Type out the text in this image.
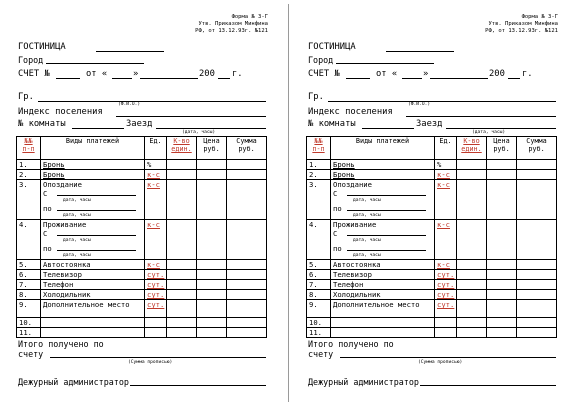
Форма № 3-Г
Утв. Приказом Минфина
РФ, от 13.12.93г. №121
ГОСТИНИЦА
Город
СЧЕТ №	от «	»	200 г.
Гр.
(Ф.И.О.)
Индекс поселения
№ комнаты	Заезд
(дата, часы)
№№ п-п	Виды платежей	Ед.	К-во един.	Цена руб.	Сумма руб.
1.	Бронь	%			
2.	Бронь	к-с			
3.	Опоздание
С
дата, часы
по
дата, часы	к-с			
4.	Проживание
С
дата, часы
по
дата, часы	к-с			
5.	Автостоянка	к-с			
6.	Телевизор	сут.			
7.	Телефон	сут.			
8.	Холодильник	сут.			
9.	Дополнительное место	сут.			
10.					
11.					
Итого получено по
счету
(Сумма прописью)
Дежурный администратор
Форма № 3-Г
Утв. Приказом Минфина
РФ, от 13.12.93г. №121
ГОСТИНИЦА
Город
СЧЕТ №	от «	»	200 г.
Гр.
(Ф.И.О.)
Индекс поселения
№ комнаты	Заезд
(дата, часы)
№№ п-п	Виды платежей	Ед.	К-во един.	Цена руб.	Сумма руб.
1.	Бронь	%			
2.	Бронь	к-с			
3.	Опоздание
С
дата, часы
по
дата, часы	к-с			
4.	Проживание
С
дата, часы
по
дата, часы	к-с			
5.	Автостоянка	к-с			
6.	Телевизор	сут.			
7.	Телефон	сут.			
8.	Холодильник	сут.			
9.	Дополнительное место	сут.			
10.					
11.					
Итого получено по
счету
(Сумма прописью)
Дежурный администратор
